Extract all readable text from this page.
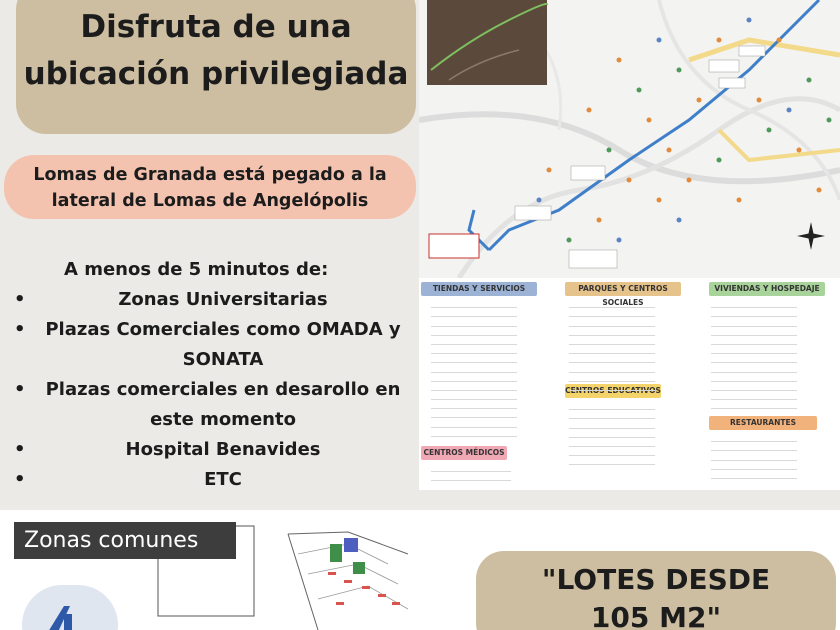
Disfruta de una
ubicación privilegiada

Lomas de Granada está pegado a la
lateral de Lomas de Angelópolis

A menos de 5 minutos de:

•	Zonas Universitarias
•	Plazas Comerciales como OMADA y SONATA
•	Plazas comerciales en desarollo en este momento
•	Hospital Benavides
•	ETC
TIENDAS Y SERVICIOS	PARQUES Y CENTROS SOCIALES
VIVIENDAS Y HOSPEDAJE
CENTROS EDUCATIVOS
RESTAURANTES
CENTROS MÉDICOS
Zonas comunes

"LOTES DESDE
105 M2"
